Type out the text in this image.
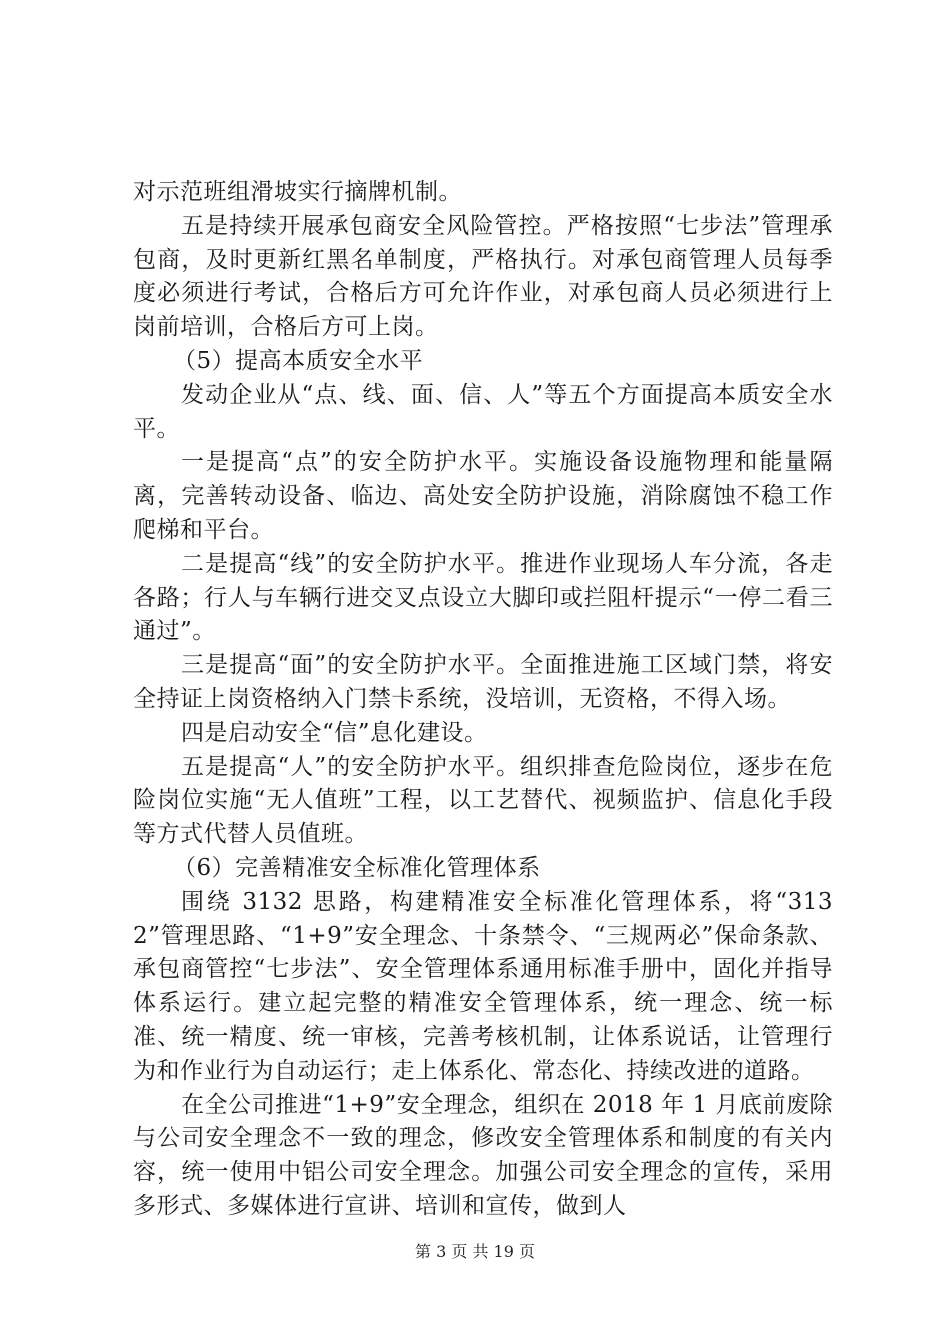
对示范班组滑坡实行摘牌机制。

五是持续开展承包商安全风险管控。严格按照“七步法”管理承包商，及时更新红黑名单制度，严格执行。对承包商管理人员每季度必须进行考试，合格后方可允许作业，对承包商人员必须进行上岗前培训，合格后方可上岗。

（5）提高本质安全水平

发动企业从“点、线、面、信、人”等五个方面提高本质安全水平。

一是提高“点”的安全防护水平。实施设备设施物理和能量隔离，完善转动设备、临边、高处安全防护设施，消除腐蚀不稳工作爬梯和平台。

二是提高“线”的安全防护水平。推进作业现场人车分流，各走各路；行人与车辆行进交叉点设立大脚印或拦阻杆提示“一停二看三通过”。

三是提高“面”的安全防护水平。全面推进施工区域门禁，将安全持证上岗资格纳入门禁卡系统，没培训，无资格，不得入场。

四是启动安全“信”息化建设。

五是提高“人”的安全防护水平。组织排查危险岗位，逐步在危险岗位实施“无人值班”工程，以工艺替代、视频监护、信息化手段等方式代替人员值班。

（6）完善精准安全标准化管理体系

围绕 3132 思路，构建精准安全标准化管理体系，将“3132”管理思路、“1+9”安全理念、十条禁令、“三规两必”保命条款、承包商管控“七步法”、安全管理体系通用标准手册中，固化并指导体系运行。建立起完整的精准安全管理体系，统一理念、统一标准、统一精度、统一审核，完善考核机制，让体系说话，让管理行为和作业行为自动运行；走上体系化、常态化、持续改进的道路。

在全公司推进“1+9”安全理念，组织在 2018 年 1 月底前废除与公司安全理念不一致的理念，修改安全管理体系和制度的有关内容，统一使用中铝公司安全理念。加强公司安全理念的宣传，采用多形式、多媒体进行宣讲、培训和宣传，做到人

第 3 页 共 19 页
